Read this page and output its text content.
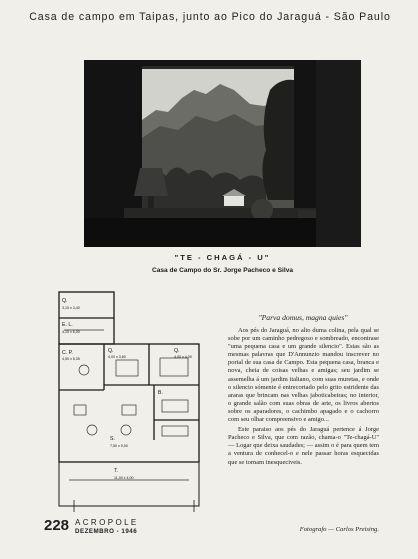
Casa de campo em Taipas, junto ao Pico do Jaraguá - São Paulo
"TE - CHAGÁ - U"
Casa de Campo do Sr. Jorge Pacheco e Silva
Q.
3,10 x 3,40
E. L.
4,10 x 6,30
C. P.
4,50 x 5,35
Q.
4,00 x 3,60
Q.
4,00 x 4,00
B.
S.
7,50 x 9,00
T.
11,00 x 4,00
"Parva domus, magna quies"

Aos pés do Jaraguá, no alto duma colina, pela qual se sobe por um caminho pedregoso e sombreado, encontrase "uma pequena casa e um grande silencio". Estas são as mesmas palavras que D'Annunzio mandou inscrever no portal de sua casa de Campo. Esta pequena casa, branca e nova, cheia de coisas velhas e amigas; seu jardim se assemelha á um jardim italiano, com suas muretas, e onde o silencio sómente é entrecortado pelo grito estridente das araras que brincam nas velhas jaboticabeiras; no interior, o grande salão com suas obras de arte, os livros abertos sobre os aparadores, o cachimbo apagado e o cachorro com seu olhar compreensivo e amigo...

Este paraiso aos pés do Jaraguá pertence á Jorge Pacheco e Silva, que com razão, chama-o "Te-chagá-U" — Logar que deixa saudades; — assim o é para quem tem a ventura de conhecel-o e nele passar horas esquecidas que se tornam inesqueciveis.

228 ACROPOLE
DEZEMBRO - 1946	Fotografo — Carlos Preising.
